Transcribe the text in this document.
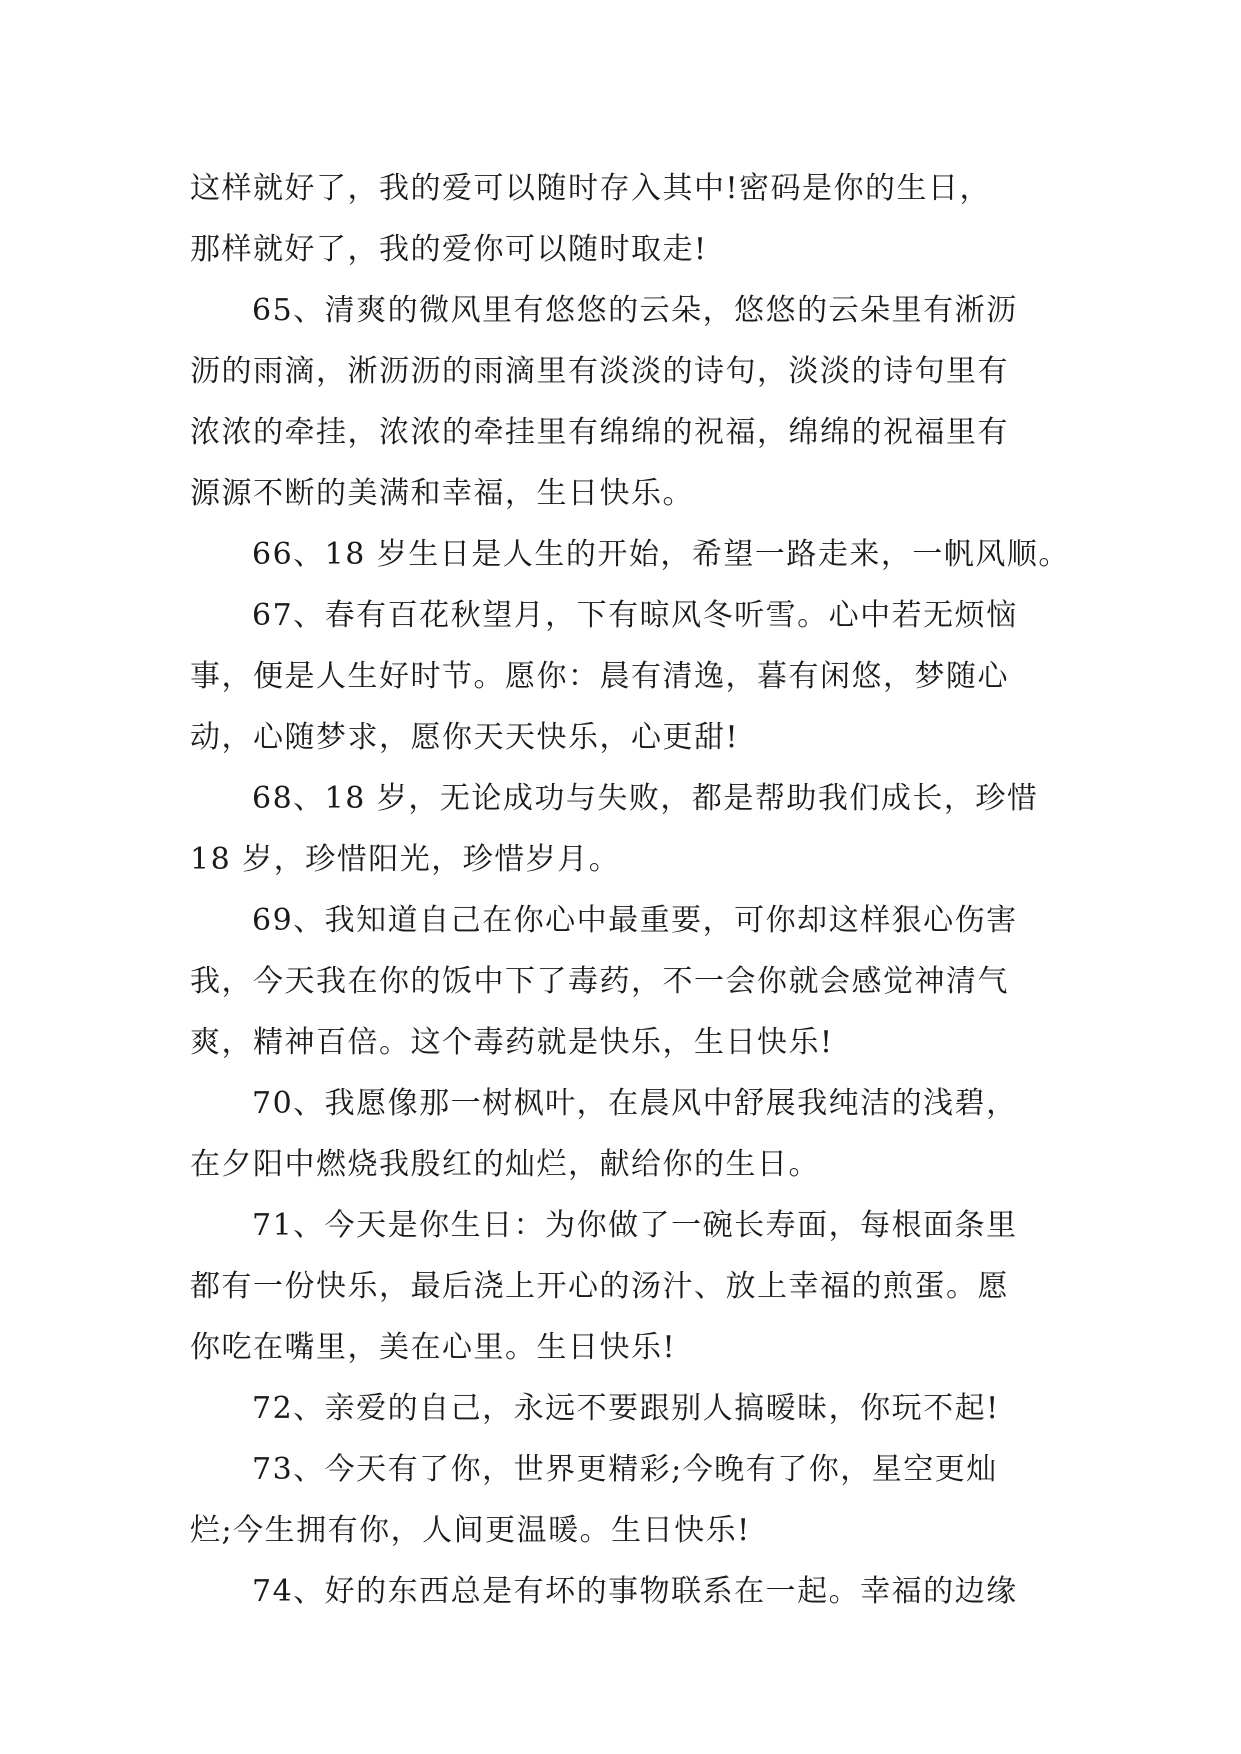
这样就好了，我的爱可以随时存入其中!密码是你的生日，
那样就好了，我的爱你可以随时取走!
65、清爽的微风里有悠悠的云朵，悠悠的云朵里有淅沥
沥的雨滴，淅沥沥的雨滴里有淡淡的诗句，淡淡的诗句里有
浓浓的牵挂，浓浓的牵挂里有绵绵的祝福，绵绵的祝福里有
源源不断的美满和幸福，生日快乐。
66、18 岁生日是人生的开始，希望一路走来，一帆风顺。
67、春有百花秋望月，下有晾风冬听雪。心中若无烦恼
事，便是人生好时节。愿你：晨有清逸，暮有闲悠，梦随心
动，心随梦求，愿你天天快乐，心更甜!
68、18 岁，无论成功与失败，都是帮助我们成长，珍惜
18 岁，珍惜阳光，珍惜岁月。
69、我知道自己在你心中最重要，可你却这样狠心伤害
我，今天我在你的饭中下了毒药，不一会你就会感觉神清气
爽，精神百倍。这个毒药就是快乐，生日快乐!
70、我愿像那一树枫叶，在晨风中舒展我纯洁的浅碧，
在夕阳中燃烧我殷红的灿烂，献给你的生日。
71、今天是你生日：为你做了一碗长寿面，每根面条里
都有一份快乐，最后浇上开心的汤汁、放上幸福的煎蛋。愿
你吃在嘴里，美在心里。生日快乐!
72、亲爱的自己，永远不要跟别人搞暧昧，你玩不起!
73、今天有了你，世界更精彩;今晚有了你，星空更灿
烂;今生拥有你，人间更温暖。生日快乐!
74、好的东西总是有坏的事物联系在一起。幸福的边缘
